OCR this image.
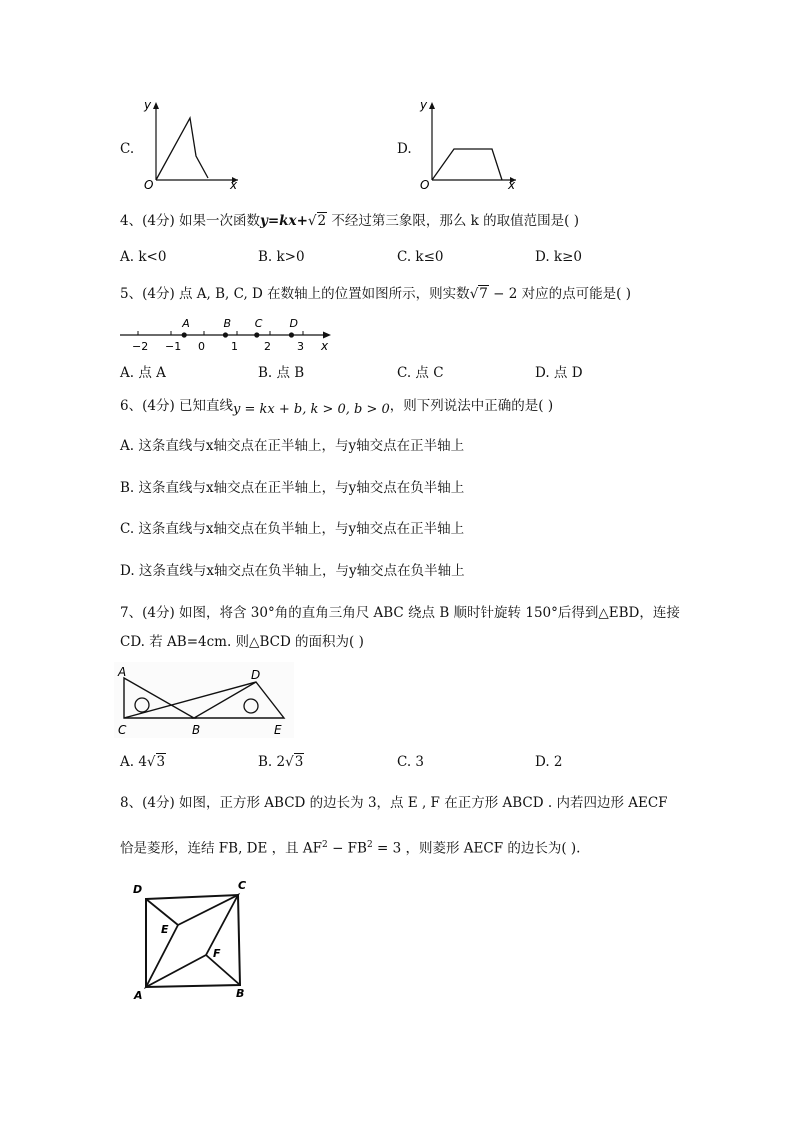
C.
y
x
O
D.
y
x
O
4、(4分) 如果一次函数y=kx+√2 不经过第三象限，那么 k 的取值范围是( )
A. k<0	B. k>0	C. k≤0	D. k≥0
5、(4分) 点 A, B, C, D 在数轴上的位置如图所示，则实数√7 − 2 对应的点可能是( )
−2 −1 0 1 2 3
A	B C D
x
A. 点 A	B. 点 B	C. 点 C	D. 点 D
6、(4分) 已知直线y = kx + b, k > 0, b > 0，则下列说法中正确的是( )
A. 这条直线与x轴交点在正半轴上，与y轴交点在正半轴上
B. 这条直线与x轴交点在正半轴上，与y轴交点在负半轴上
C. 这条直线与x轴交点在负半轴上，与y轴交点在正半轴上
D. 这条直线与x轴交点在负半轴上，与y轴交点在负半轴上
7、(4分) 如图，将含 30°角的直角三角尺 ABC 绕点 B 顺时针旋转 150°后得到△EBD，连接
CD. 若 AB=4cm. 则△BCD 的面积为( )
A	D
C	B	E
A. 4√3	B. 2√3	C. 3	D. 2
8、(4分) 如图，正方形 ABCD 的边长为 3，点 E , F 在正方形 ABCD . 内若四边形 AECF
恰是菱形，连结 FB, DE ，且 $AF^2 - FB^2 = 3$ ，则菱形 AECF 的边长为( ).
D	C
E
F
A	B
